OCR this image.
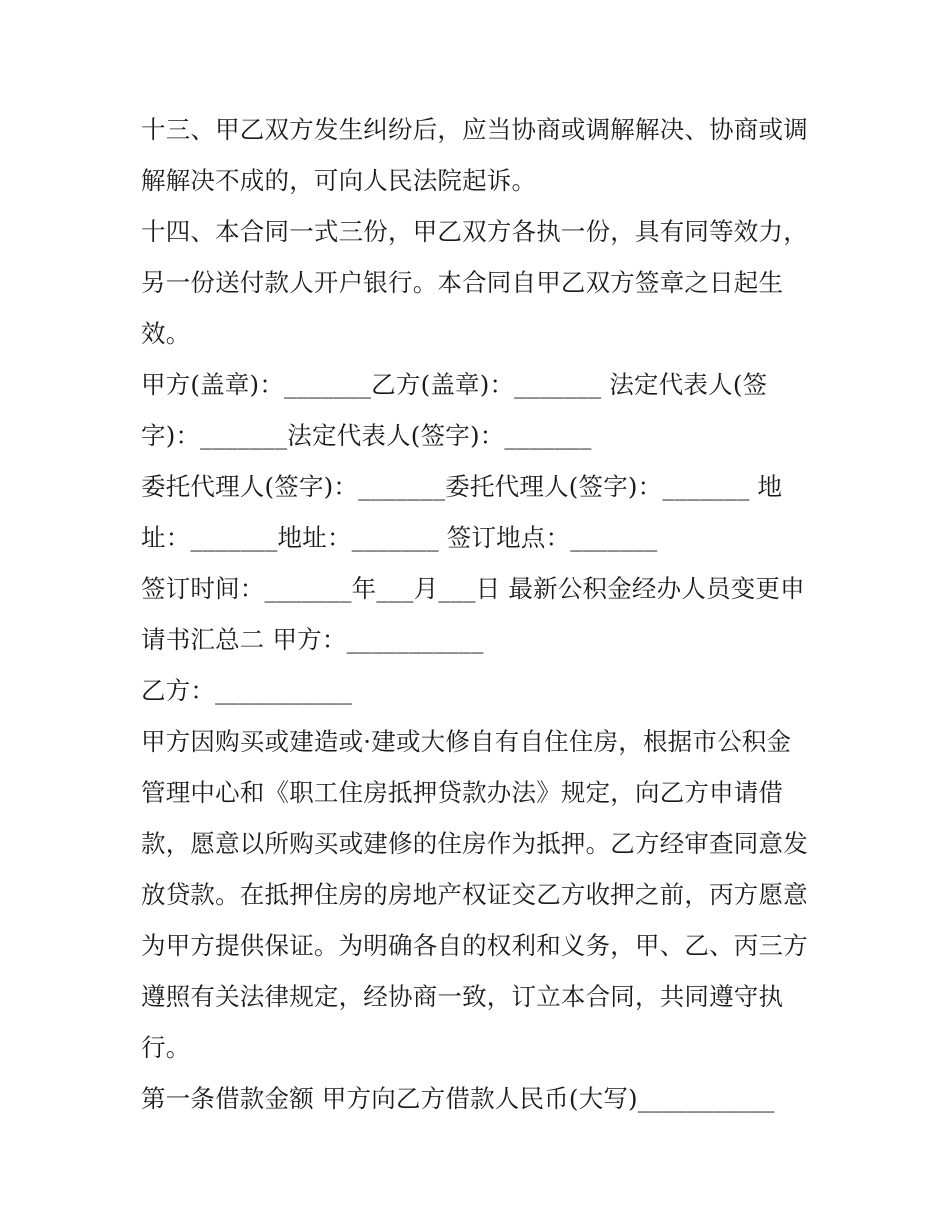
十三、甲乙双方发生纠纷后，应当协商或调解解决、协商或调
解解决不成的，可向人民法院起诉。
十四、本合同一式三份，甲乙双方各执一份，具有同等效力，
另一份送付款人开户银行。本合同自甲乙双方签章之日起生
效。
甲方(盖章)：_______乙方(盖章)：_______ 法定代表人(签
字)：_______法定代表人(签字)：_______
委托代理人(签字)：_______委托代理人(签字)：_______ 地
址：_______地址：_______ 签订地点：_______
签订时间：_______年___月___日 最新公积金经办人员变更申
请书汇总二 甲方：___________
乙方：___________
甲方因购买或建造或·建或大修自有自住住房，根据市公积金
管理中心和《职工住房抵押贷款办法》规定，向乙方申请借
款，愿意以所购买或建修的住房作为抵押。乙方经审查同意发
放贷款。在抵押住房的房地产权证交乙方收押之前，丙方愿意
为甲方提供保证。为明确各自的权利和义务，甲、乙、丙三方
遵照有关法律规定，经协商一致，订立本合同，共同遵守执
行。
第一条借款金额 甲方向乙方借款人民币(大写)___________
